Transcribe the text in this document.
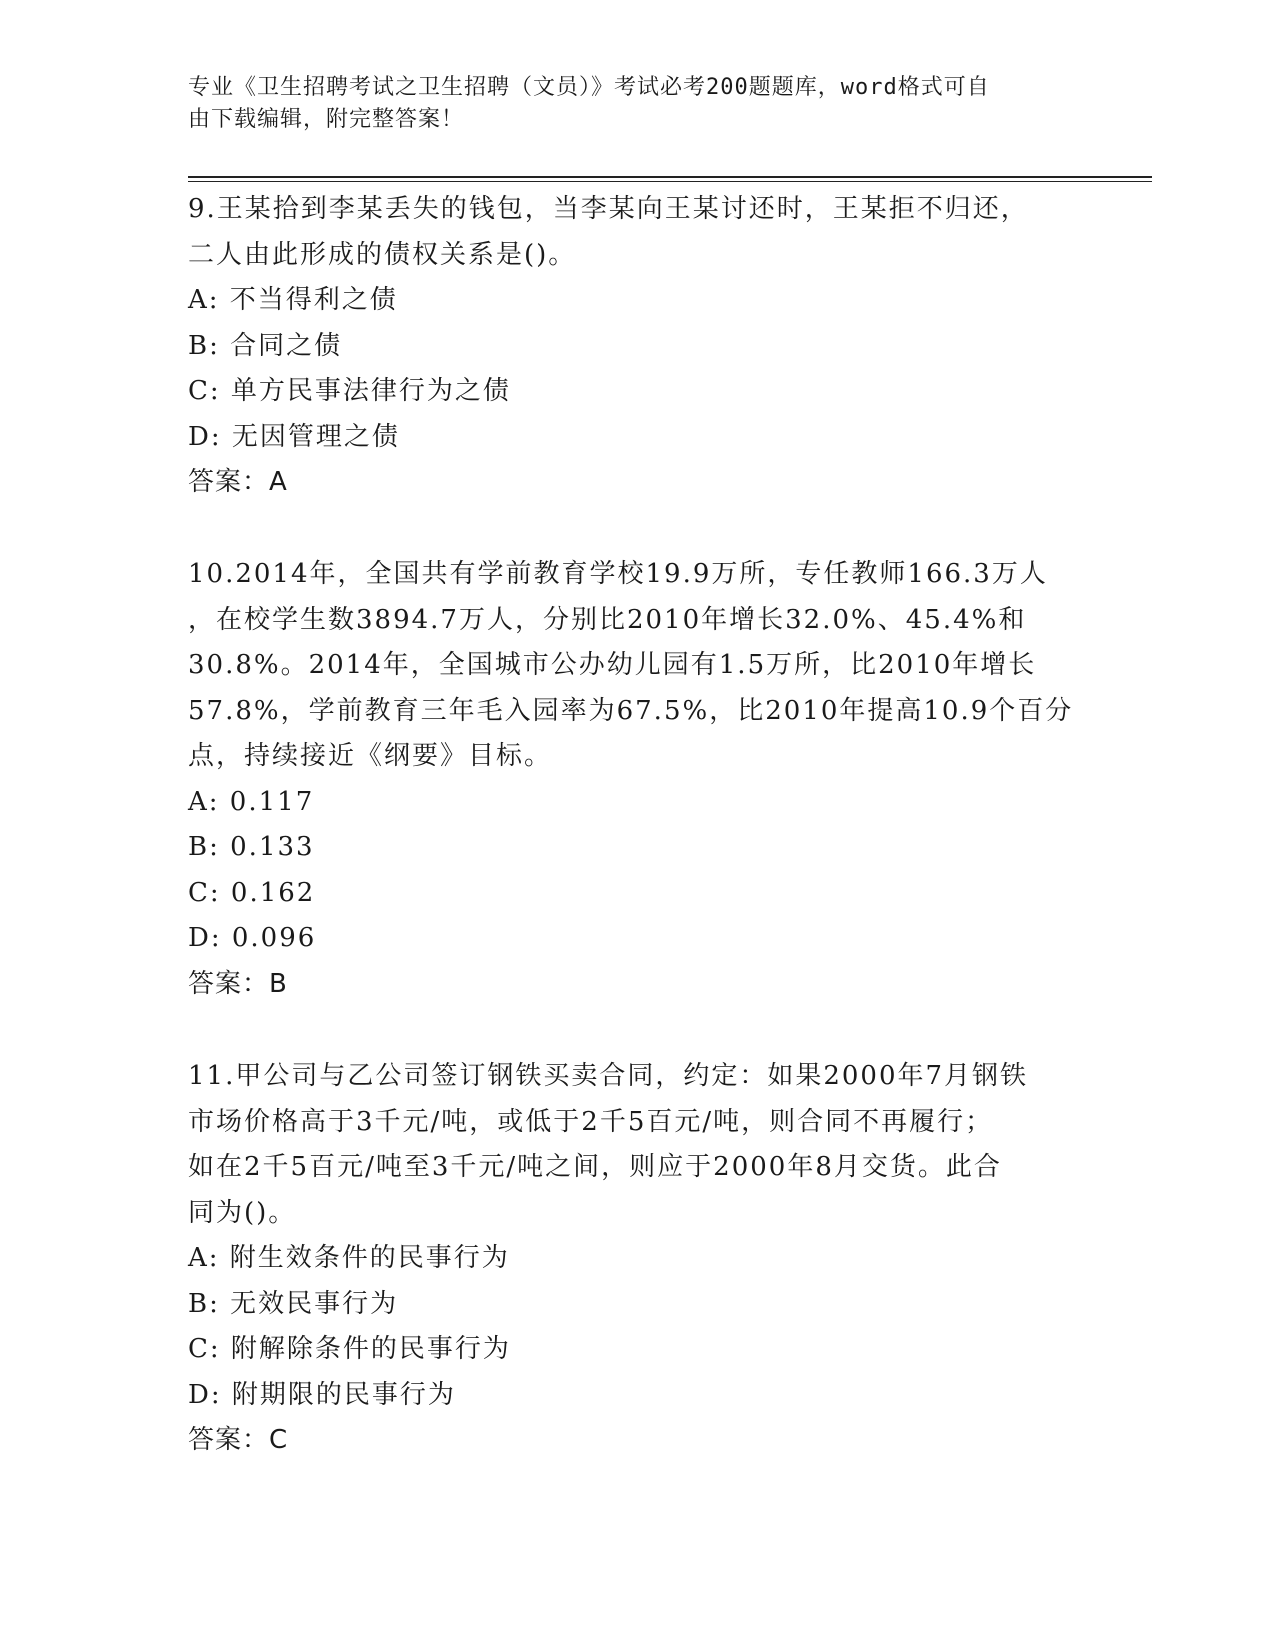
专业《卫生招聘考试之卫生招聘（文员）》考试必考200题题库，word格式可自
由下载编辑，附完整答案！

9.王某拾到李某丢失的钱包，当李某向王某讨还时，王某拒不归还，

二人由此形成的债权关系是()。

A: 不当得利之债

B: 合同之债

C: 单方民事法律行为之债

D: 无因管理之债

答案：A

10.2014年，全国共有学前教育学校19.9万所，专任教师166.3万人

，在校学生数3894.7万人，分别比2010年增长32.0%、45.4%和

30.8%。2014年，全国城市公办幼儿园有1.5万所，比2010年增长

57.8%，学前教育三年毛入园率为67.5%，比2010年提高10.9个百分

点，持续接近《纲要》目标。

A: 0.117

B: 0.133

C: 0.162

D: 0.096

答案：B

11.甲公司与乙公司签订钢铁买卖合同，约定：如果2000年7月钢铁

市场价格高于3千元/吨，或低于2千5百元/吨，则合同不再履行；

如在2千5百元/吨至3千元/吨之间，则应于2000年8月交货。此合

同为()。

A: 附生效条件的民事行为

B: 无效民事行为

C: 附解除条件的民事行为

D: 附期限的民事行为

答案：C
